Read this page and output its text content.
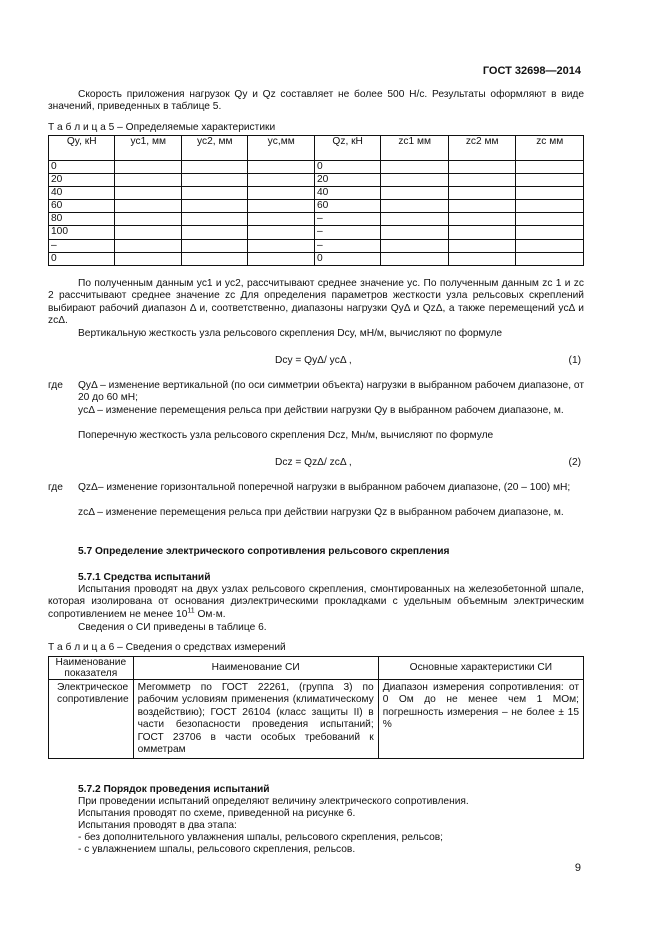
ГОСТ 32698—2014

Скорость приложения нагрузок Qy и Qz составляет не более 500 Н/с. Результаты оформляют в виде значений, приведенных в таблице 5.

Т а б л и ц а 5 – Определяемые характеристики
Qy, кН	yc1, мм	yc2, мм	yc,мм	Qz, кН	zc1 мм	zc2 мм	zc мм
0				0			
20				20			
40				40			
60				60			
80				–			
100				–			
–				–			
0				0			

По полученным данным yc1 и yc2, рассчитывают среднее значение yc. По полученным данным zc 1 и zc 2 рассчитывают среднее значение zc Для определения параметров жесткости узла рельсовых скреплений выбирают рабочий диапазон Δ и, соответственно, диапазоны нагрузки QyΔ и QzΔ, а также перемещений ycΔ и zcΔ.

Вертикальную жесткость узла рельсового скрепления Dcy, мН/м, вычисляют по формуле

Dcy = QyΔ/ ycΔ ,	(1)
где QyΔ – изменение вертикальной (по оси симметрии объекта) нагрузки в выбранном рабочем диапазоне, от 20 до 60 мН;

ycΔ – изменение перемещения рельса при действии нагрузки Qy в выбранном рабочем диапазоне, м.

Поперечную жесткость узла рельсового скрепления Dcz, Мн/м, вычисляют по формуле

Dcz = QzΔ/ zcΔ ,	(2)
где QzΔ– изменение горизонтальной поперечной нагрузки в выбранном рабочем диапазоне, (20 – 100) мН;

zcΔ – изменение перемещения рельса при действии нагрузки Qz в выбранном рабочем диапазоне, м.

5.7 Определение электрического сопротивления рельсового скрепления
5.7.1 Средства испытаний

Испытания проводят на двух узлах рельсового скрепления, смонтированных на железобетонной шпале, которая изолирована от основания диэлектрическими прокладками с удельным объемным электрическим сопротивлением не менее $10^{11}$ Ом·м.

Сведения о СИ приведены в таблице 6.

Т а б л и ц а 6 – Сведения о средствах измерений
Наименование показателя	Наименование СИ	Основные характеристики СИ
Электрическое сопротивление	Мегомметр по ГОСТ 22261, (группа 3) по рабочим условиям применения (климатическому воздействию); ГОСТ 26104 (класс защиты II) в части безопасности проведения испытаний; ГОСТ 23706 в части особых требований к омметрам	Диапазон измерения сопротивления: от 0 Ом до не менее чем 1 МОм; погрешность измерения – не более ± 15 %
5.7.2 Порядок проведения испытаний

При проведении испытаний определяют величину электрического сопротивления.

Испытания проводят по схеме, приведенной на рисунке 6.

Испытания проводят в два этапа:

- без дополнительного увлажнения шпалы, рельсового скрепления, рельсов;

- с увлажнением шпалы, рельсового скрепления, рельсов.

9
